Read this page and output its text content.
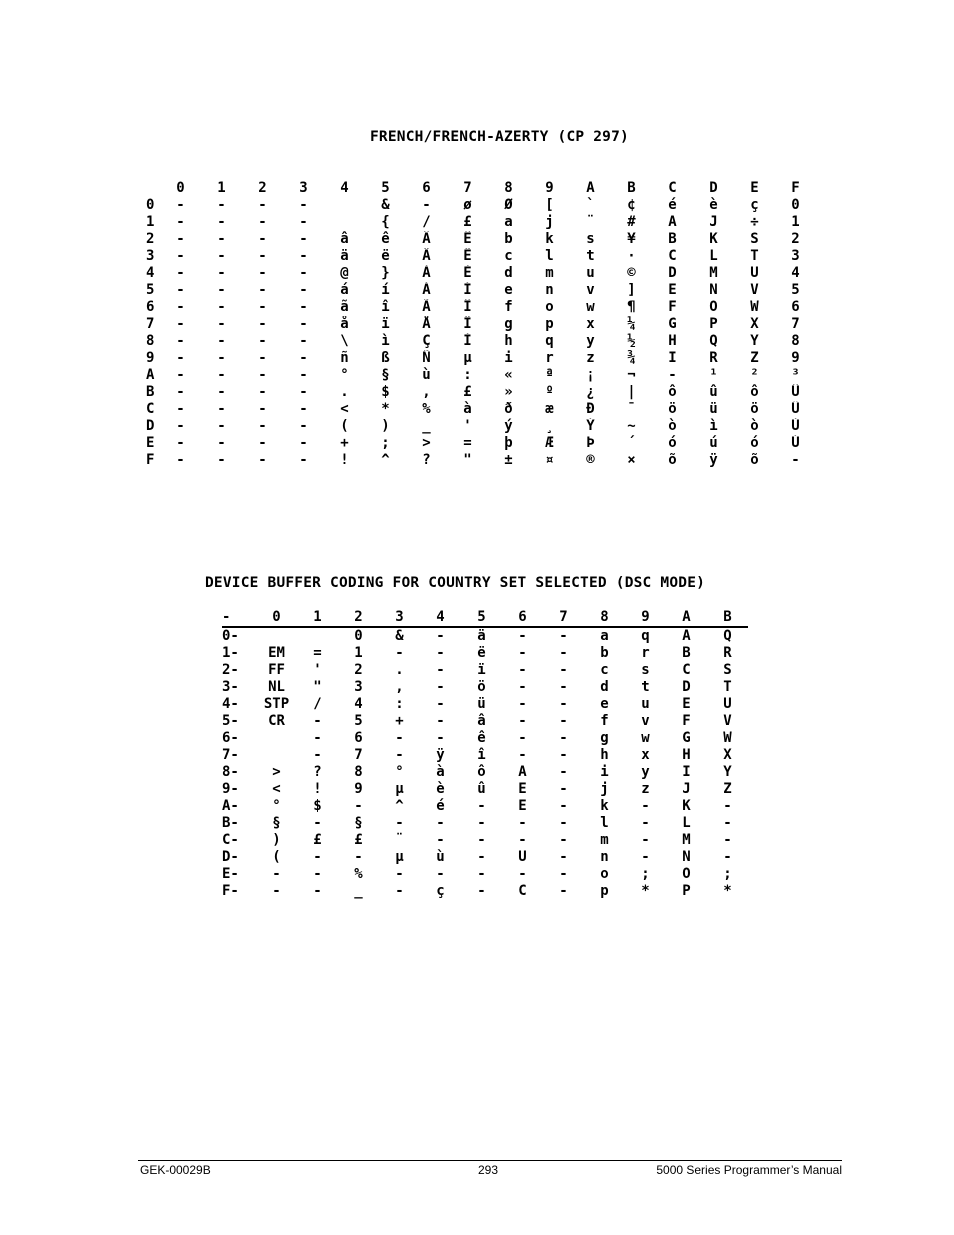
FRENCH/FRENCH-AZERTY (CP 297)
	0	1	2	3	4	5	6	7	8	9	A	B	C	D	E	F
0	-	-	-	-		&	-	ø	Ø	[	`	¢	é	è	ç	0
1	-	-	-	-		{	/	£	a	j	¨	#	A	J	÷	1
2	-	-	-	-	â	ê	Â	Ê	b	k	s	¥	B	K	S	2
3	-	-	-	-	ä	ë	Ä	Ë	c	l	t	·	C	L	T	3
4	-	-	-	-	@	}	À	È	d	m	u	©	D	M	U	4
5	-	-	-	-	á	í	Á	Í	e	n	v	]	E	N	V	5
6	-	-	-	-	ã	î	Ã	Î	f	o	w	¶	F	O	W	6
7	-	-	-	-	å	ï	Å	Ï	g	p	x	¼	G	P	X	7
8	-	-	-	-	\	ì	Ç	Ì	h	q	y	½	H	Q	Y	8
9	-	-	-	-	ñ	ß	Ñ	µ	i	r	z	¾	I	R	Z	9
A	-	-	-	-	°	§	ù	:	«	ª	¡	¬	-	¹	²	³
B	-	-	-	-	.	$	,	£	»	º	¿	|	ô	û	ô	Û
C	-	-	-	-	<	*	%	à	ð	æ	Ð	¯	ö	ü	ö	Ü
D	-	-	-	-	(	)	_	'	ý	¸	Ý	~	ò	ì	ò	Ù
E	-	-	-	-	+	;	>	=	þ	Æ	Þ	´	ó	ú	ó	Ú
F	-	-	-	-	!	^	?	"	±	¤	®	×	õ	ÿ	õ	-
DEVICE BUFFER CODING FOR COUNTRY SET SELECTED (DSC MODE)
-	0	1	2	3	4	5	6	7	8	9	A	B
0-			0	&	-	ä	-	-	a	q	A	Q
1-	EM	=	1	-	-	ë	-	-	b	r	B	R
2-	FF	'	2	.	-	ï	-	-	c	s	C	S
3-	NL	"	3	,	-	ö	-	-	d	t	D	T
4-	STP	/	4	:	-	ü	-	-	e	u	E	U
5-	CR	-	5	+	-	â	-	-	f	v	F	V
6-		-	6	-	-	ê	-	-	g	w	G	W
7-		-	7	-	ÿ	î	-	-	h	x	H	X
8-	>	?	8	°	à	ô	A	-	i	y	I	Y
9-	<	!	9	µ	è	û	E	-	j	z	J	Z
A-	°	$	-	^	é	-	E	-	k	-	K	-
B-	§	-	§	-	-	-	-	-	l	-	L	-
C-	)	£	£	¨	-	-	-	-	m	-	M	-
D-	(	-	-	µ	ù	-	U	-	n	-	N	-
E-	-	-	%	-	-	-	-	-	o	;	O	;
F-	-	-	_	-	ç	-	C	-	p	*	P	*
GEK-00029B	293	5000 Series Programmer’s Manual
